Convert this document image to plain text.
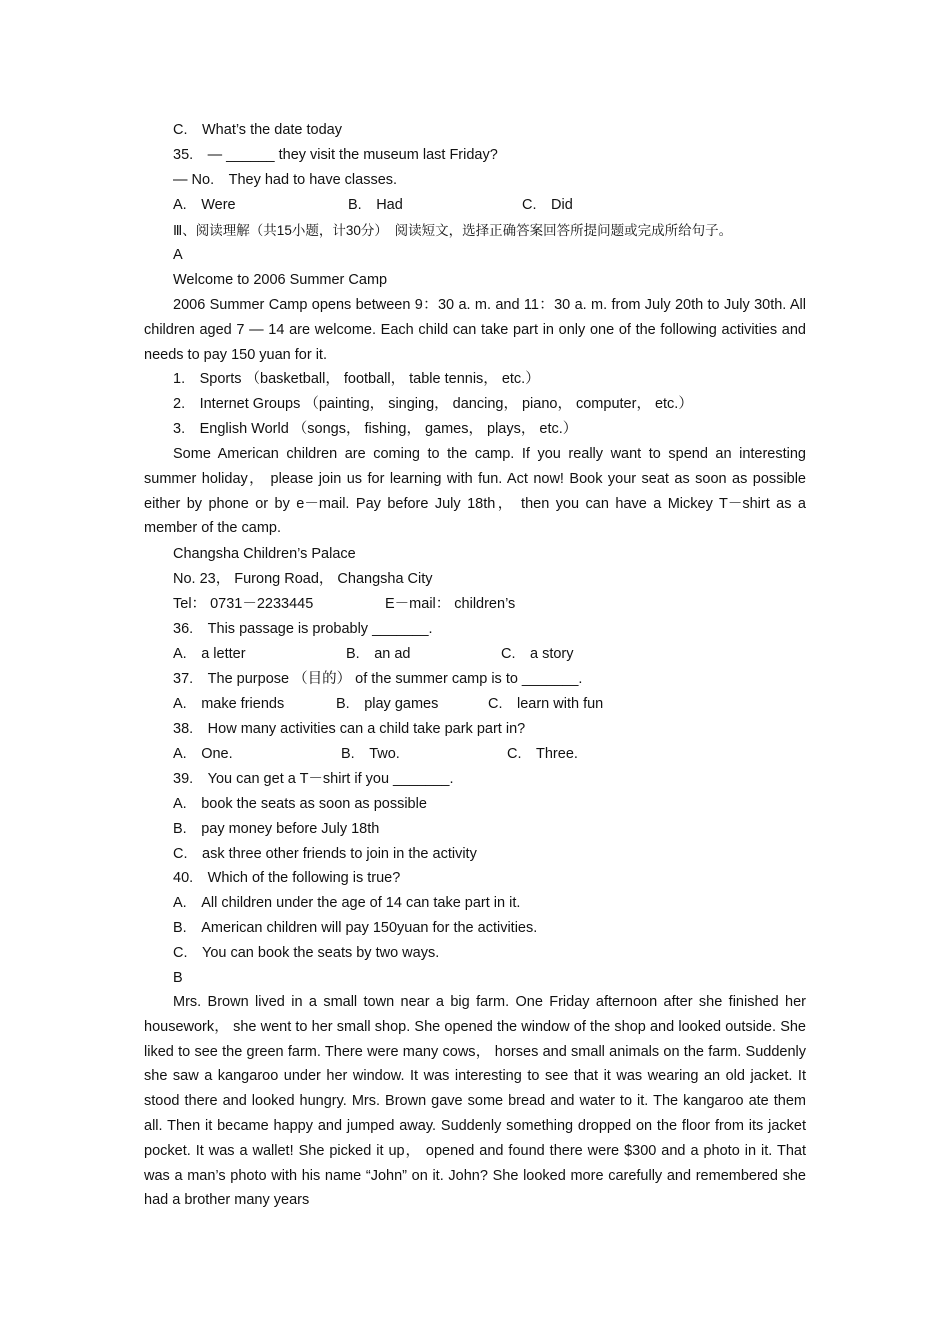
C.　What’s the date today
35.　— ______ they visit the museum last Friday?
— No.　They had to have classes.
A.　Were	B.　Had	C.　Did
Ⅲ、阅读理解（共15小题，计30分）　阅读短文，选择正确答案回答所提问题或完成所给句子。
A
Welcome to 2006 Summer Camp
2006 Summer Camp opens between 9：30 a. m. and 11：30 a. m. from July 20th to July 30th. All children aged 7 — 14 are welcome. Each child can take part in only one of the following activities and needs to pay 150 yuan for it.
1.　Sports （basketball， football， table tennis， etc.）
2.　Internet Groups （painting， singing， dancing， piano， computer， etc.）
3.　English World （songs， fishing， games， plays， etc.）
Some American children are coming to the camp. If you really want to spend an interesting summer holiday， please join us for learning with fun. Act now! Book your seat as soon as possible either by phone or by e－mail. Pay before July 18th， then you can have a Mickey T－shirt as a member of the camp.
Changsha Children’s Palace
No. 23， Furong Road， Changsha City
Tel： 0731－2233445	E－mail： children’s
36.　This passage is probably _______.
A.　a letter	B.　an ad	C.　a story
37.　The purpose （目的） of the summer camp is to _______.
A.　make friends	B.　play games	C.　learn with fun
38.　How many activities can a child take park part in?
A.　One.	B.　Two.	C.　Three.
39.　You can get a T－shirt if you _______.
A.　book the seats as soon as possible
B.　pay money before July 18th
C.　ask three other friends to join in the activity
40.　Which of the following is true?
A.　All children under the age of 14 can take part in it.
B.　American children will pay 150yuan for the activities.
C.　You can book the seats by two ways.
B
Mrs. Brown lived in a small town near a big farm. One Friday afternoon after she finished her housework， she went to her small shop. She opened the window of the shop and looked outside. She liked to see the green farm. There were many cows， horses and small animals on the farm. Suddenly she saw a kangaroo under her window. It was interesting to see that it was wearing an old jacket. It stood there and looked hungry. Mrs. Brown gave some bread and water to it. The kangaroo ate them all. Then it became happy and jumped away. Suddenly something dropped on the floor from its jacket pocket. It was a wallet! She picked it up， opened and found there were $300 and a photo in it. That was a man’s photo with his name “John” on it. John? She looked more carefully and remembered she had a brother many years
